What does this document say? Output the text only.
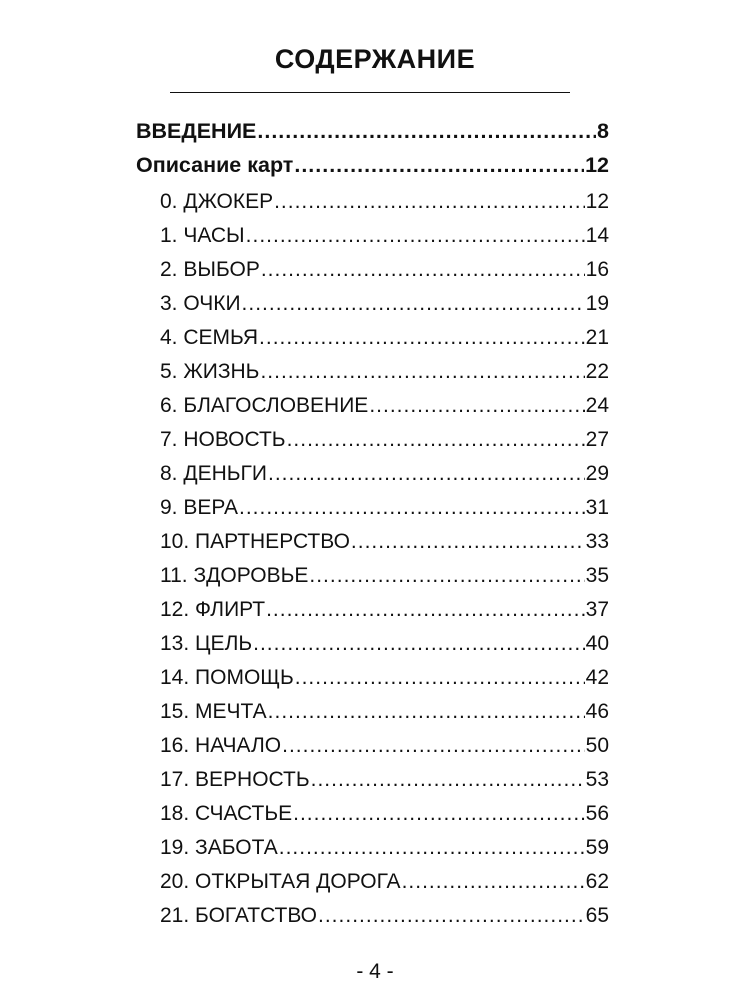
СОДЕРЖАНИЕ
ВВЕДЕНИЕ .....	8
Описание карт .....	12
0. ДЖОКЕР .....	12
1. ЧАСЫ .....	14
2. ВЫБОР .....	16
3. ОЧКИ .....	19
4. СЕМЬЯ .....	21
5. ЖИЗНЬ .....	22
6. БЛАГОСЛОВЕНИЕ .....	24
7. НОВОСТЬ .....	27
8. ДЕНЬГИ .....	29
9. ВЕРА .....	31
10. ПАРТНЕРСТВО .....	33
11. ЗДОРОВЬЕ .....	35
12. ФЛИРТ .....	37
13. ЦЕЛЬ .....	40
14. ПОМОЩЬ .....	42
15. МЕЧТА .....	46
16. НАЧАЛО .....	50
17. ВЕРНОСТЬ .....	53
18. СЧАСТЬЕ .....	56
19. ЗАБОТА .....	59
20. ОТКРЫТАЯ ДОРОГА .....	62
21. БОГАТСТВО .....	65
- 4 -
